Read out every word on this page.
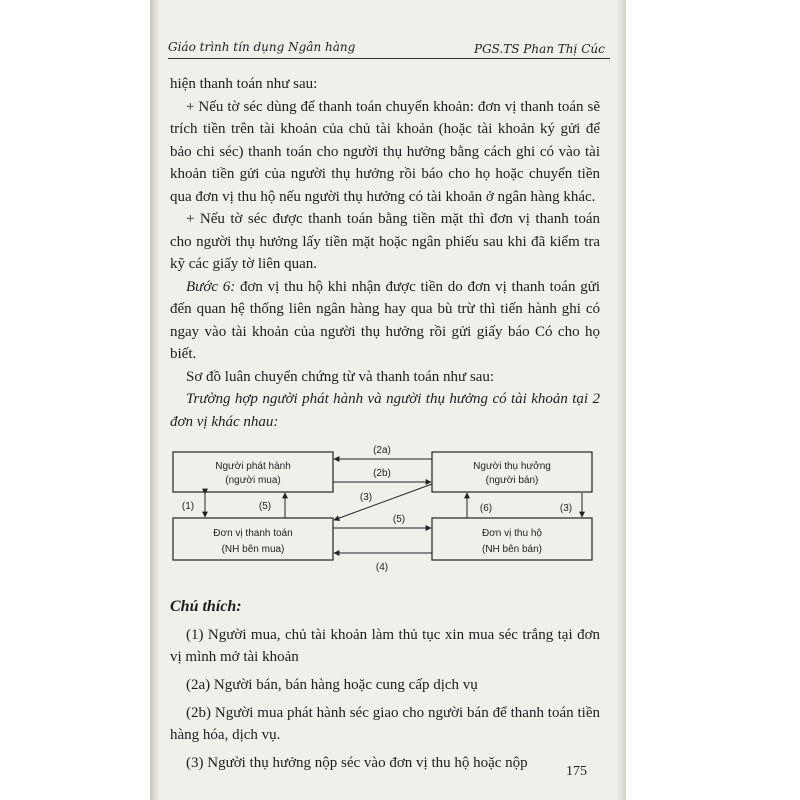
Giáo trình tín dụng Ngân hàng	PGS.TS Phan Thị Cúc

hiện thanh toán như sau:

+ Nếu tờ séc dùng để thanh toán chuyển khoản: đơn vị thanh toán sẽ trích tiền trên tài khoản của chủ tài khoản (hoặc tài khoản ký gửi để bảo chi séc) thanh toán cho người thụ hưởng bằng cách ghi có vào tài khoản tiền gửi của người thụ hưởng rồi báo cho họ hoặc chuyển tiền qua đơn vị thu hộ nếu người thụ hưởng có tài khoản ở ngân hàng khác.

+ Nếu tờ séc được thanh toán bằng tiền mặt thì đơn vị thanh toán cho người thụ hưởng lấy tiền mặt hoặc ngân phiếu sau khi đã kiểm tra kỹ các giấy tờ liên quan.

Bước 6: đơn vị thu hộ khi nhận được tiền do đơn vị thanh toán gửi đến quan hệ thống liên ngân hàng hay qua bù trừ thì tiến hành ghi có ngay vào tài khoản của người thụ hưởng rồi gửi giấy báo Có cho họ biết.

Sơ đồ luân chuyển chứng từ và thanh toán như sau:

Trường hợp người phát hành và người thụ hưởng có tài khoản tại 2 đơn vị khác nhau:

Người phát hành
(người mua)
Người thụ hưởng
(người bán)
Đơn vị thanh toán
(NH bên mua)
Đơn vị thu hộ
(NH bên bán)
(2a)
(2b)
(1)	(5)
(3)
(5)
(6)	(3)
(4)

Chú thích:

(1) Người mua, chủ tài khoản làm thủ tục xin mua séc trắng tại đơn vị mình mở tài khoản

(2a) Người bán, bán hàng hoặc cung cấp dịch vụ

(2b) Người mua phát hành séc giao cho người bán để thanh toán tiền hàng hóa, dịch vụ.

(3) Người thụ hưởng nộp séc vào đơn vị thu hộ hoặc nộp

175
